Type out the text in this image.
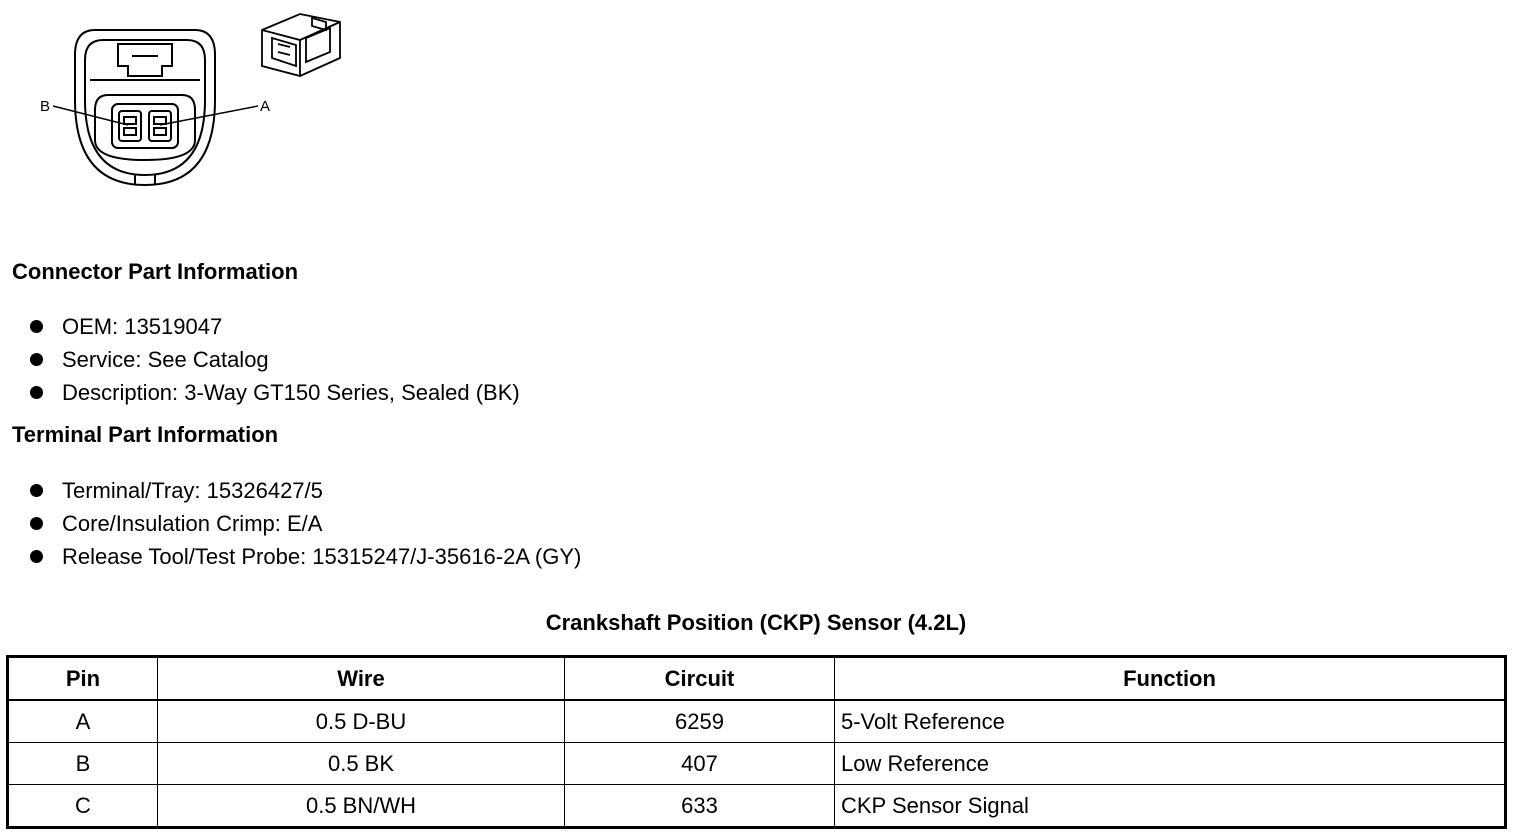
B	A
Connector Part Information
OEM: 13519047
Service: See Catalog
Description: 3-Way GT150 Series, Sealed (BK)
Terminal Part Information
Terminal/Tray: 15326427/5
Core/Insulation Crimp: E/A
Release Tool/Test Probe: 15315247/J-35616-2A (GY)
Crankshaft Position (CKP) Sensor (4.2L)
Pin	Wire	Circuit	Function
A	0.5 D-BU	6259	5-Volt Reference
B	0.5 BK	407	Low Reference
C	0.5 BN/WH	633	CKP Sensor Signal
